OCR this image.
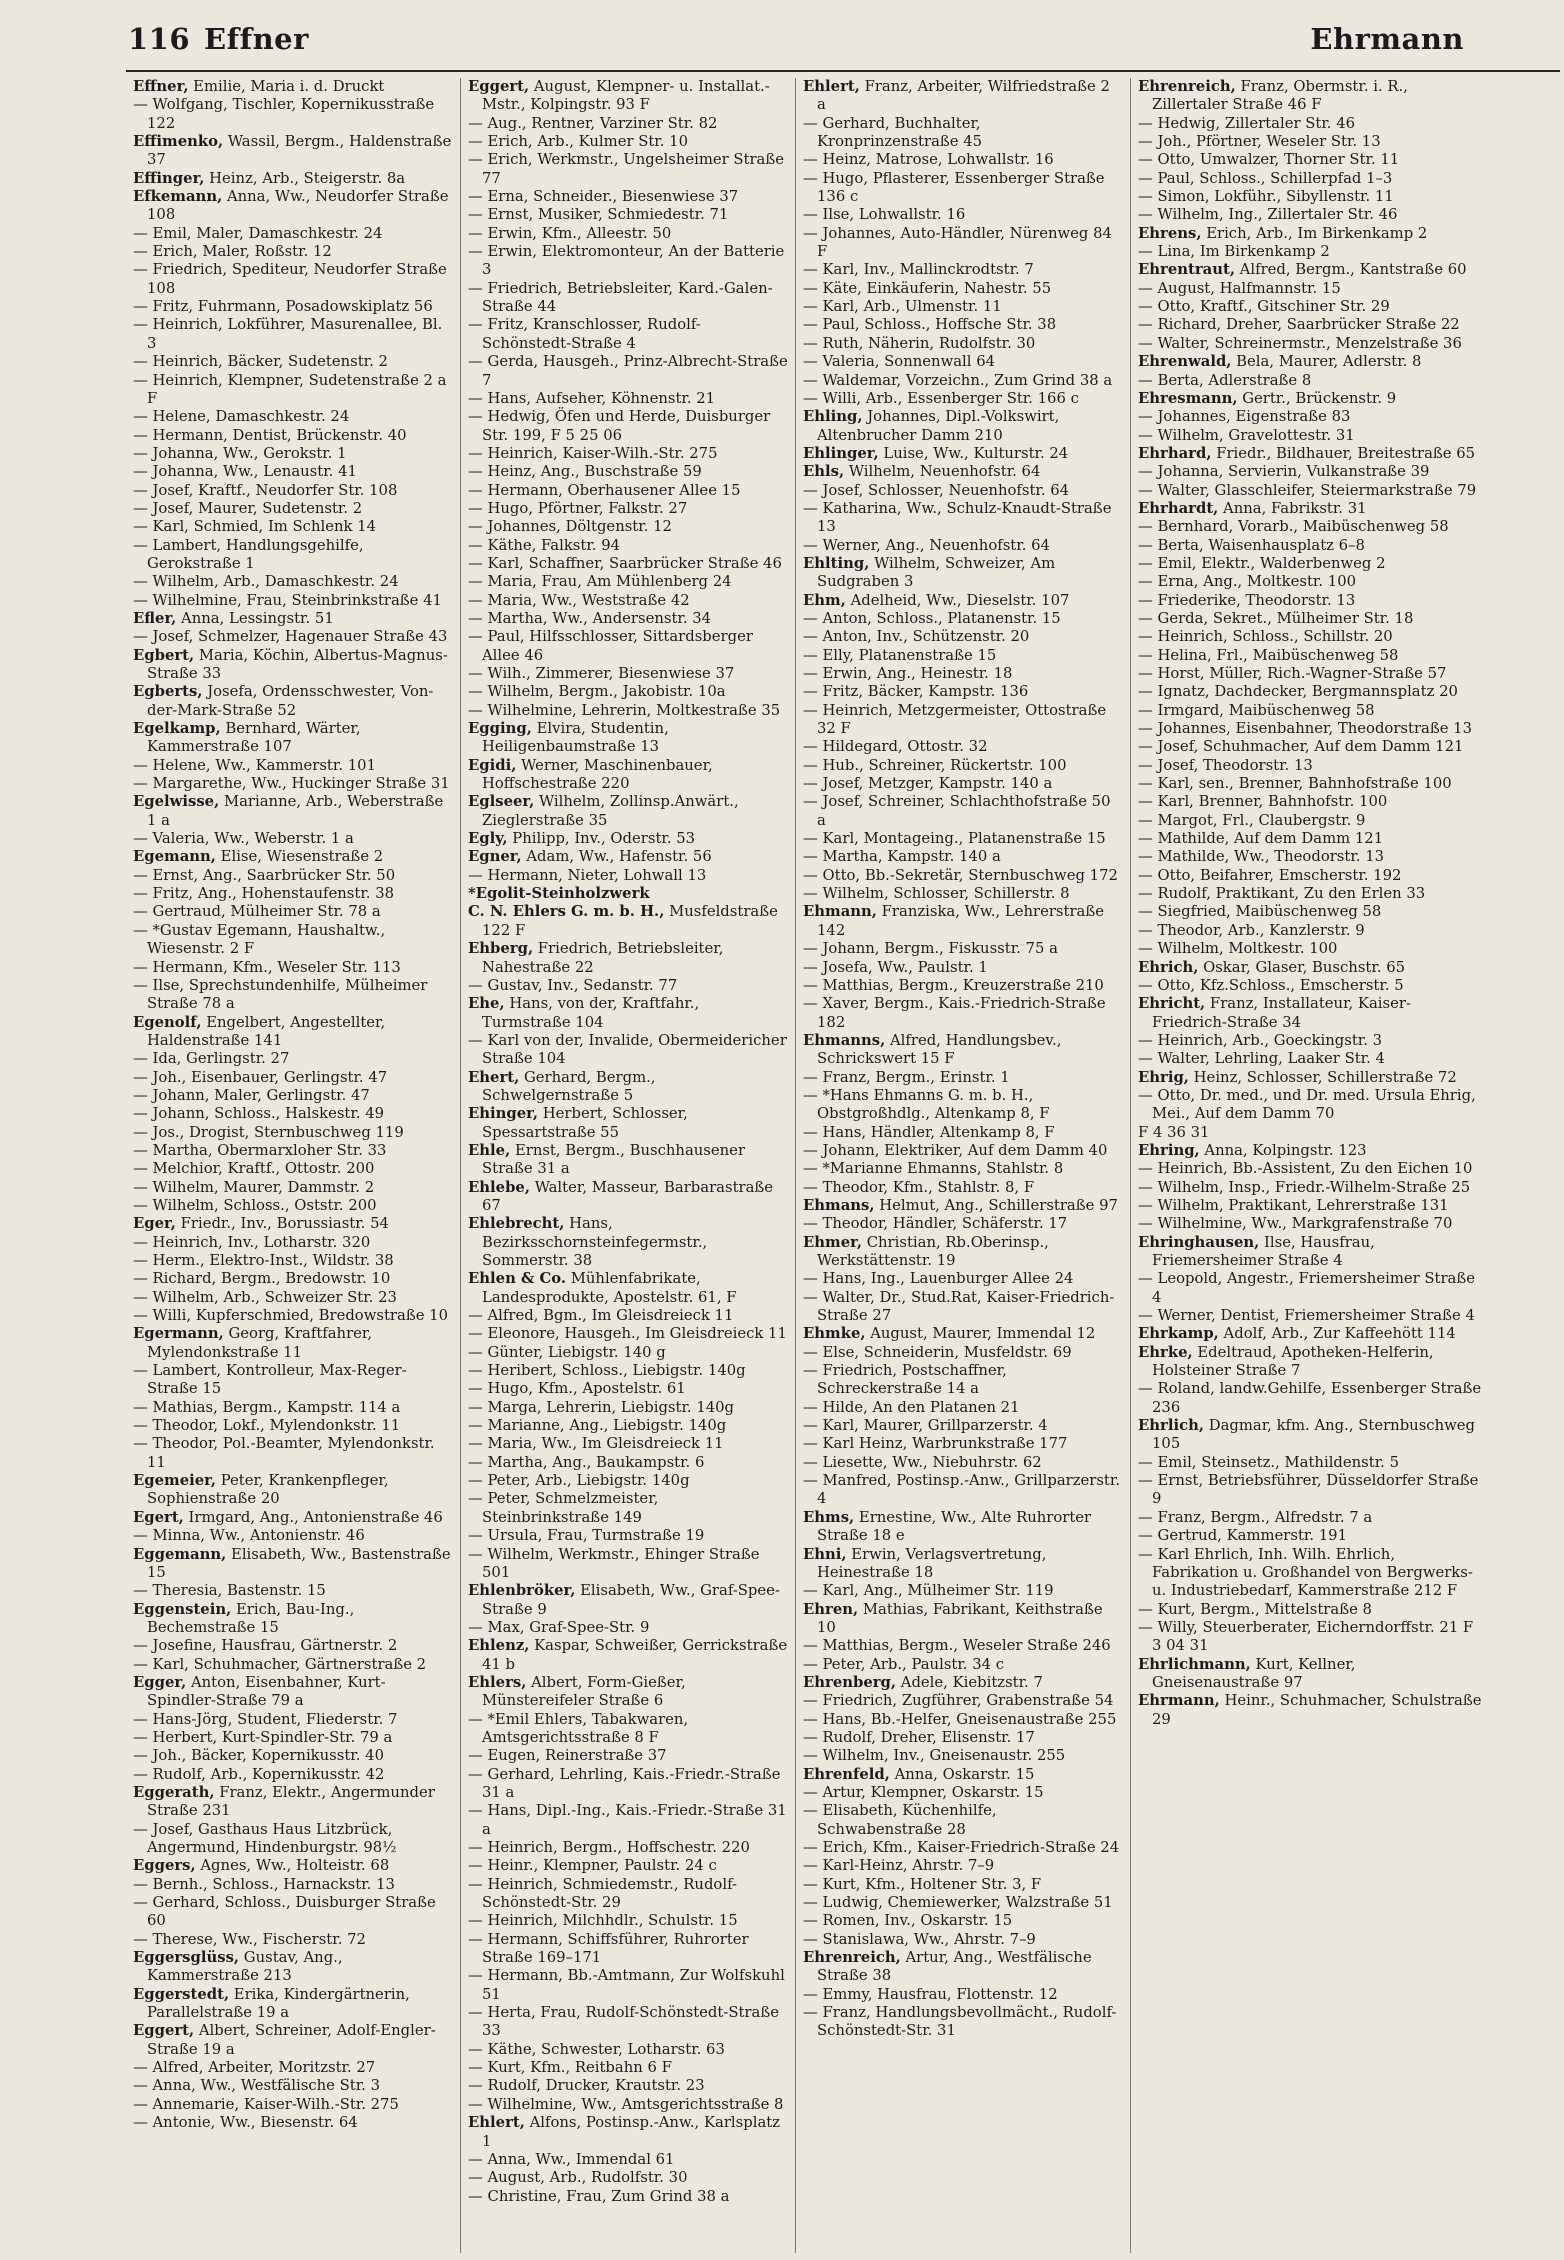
116 Effner	Ehrmann
Effner, Emilie, Maria i. d. Druckt
— Wolfgang, Tischler, Kopernikusstraße 122
Effimenko, Wassil, Bergm., Haldenstraße 37
Effinger, Heinz, Arb., Steigerstr. 8a
Efkemann, Anna, Ww., Neudorfer Straße 108
— Emil, Maler, Damaschkestr. 24
— Erich, Maler, Roßstr. 12
— Friedrich, Spediteur, Neudorfer Straße 108
— Fritz, Fuhrmann, Posadowskiplatz 56
— Heinrich, Lokführer, Masurenallee, Bl. 3
— Heinrich, Bäcker, Sudetenstr. 2
— Heinrich, Klempner, Sudetenstraße 2 a F
— Helene, Damaschkestr. 24
— Hermann, Dentist, Brückenstr. 40
— Johanna, Ww., Gerokstr. 1
— Johanna, Ww., Lenaustr. 41
— Josef, Kraftf., Neudorfer Str. 108
— Josef, Maurer, Sudetenstr. 2
— Karl, Schmied, Im Schlenk 14
— Lambert, Handlungsgehilfe, Gerokstraße 1
— Wilhelm, Arb., Damaschkestr. 24
— Wilhelmine, Frau, Steinbrinkstraße 41
Efler, Anna, Lessingstr. 51
— Josef, Schmelzer, Hagenauer Straße 43
Egbert, Maria, Köchin, Albertus-Magnus-Straße 33
Egberts, Josefa, Ordensschwester, Von-der-Mark-Straße 52
Egelkamp, Bernhard, Wärter, Kammerstraße 107
— Helene, Ww., Kammerstr. 101
— Margarethe, Ww., Huckinger Straße 31
Egelwisse, Marianne, Arb., Weberstraße 1 a
— Valeria, Ww., Weberstr. 1 a
Egemann, Elise, Wiesenstraße 2
— Ernst, Ang., Saarbrücker Str. 50
— Fritz, Ang., Hohenstaufenstr. 38
— Gertraud, Mülheimer Str. 78 a
— *Gustav Egemann, Haushaltw., Wiesenstr. 2 F
— Hermann, Kfm., Weseler Str. 113
— Ilse, Sprechstundenhilfe, Mülheimer Straße 78 a
Egenolf, Engelbert, Angestellter, Haldenstraße 141
— Ida, Gerlingstr. 27
— Joh., Eisenbauer, Gerlingstr. 47
— Johann, Maler, Gerlingstr. 47
— Johann, Schloss., Halskestr. 49
— Jos., Drogist, Sternbuschweg 119
— Martha, Obermarxloher Str. 33
— Melchior, Kraftf., Ottostr. 200
— Wilhelm, Maurer, Dammstr. 2
— Wilhelm, Schloss., Oststr. 200
Eger, Friedr., Inv., Borussiastr. 54
— Heinrich, Inv., Lotharstr. 320
— Herm., Elektro-Inst., Wildstr. 38
— Richard, Bergm., Bredowstr. 10
— Wilhelm, Arb., Schweizer Str. 23
— Willi, Kupferschmied, Bredowstraße 10
Egermann, Georg, Kraftfahrer, Mylendonkstraße 11
— Lambert, Kontrolleur, Max-Reger-Straße 15
— Mathias, Bergm., Kampstr. 114 a
— Theodor, Lokf., Mylendonkstr. 11
— Theodor, Pol.-Beamter, Mylendonkstr. 11
Egemeier, Peter, Krankenpfleger, Sophienstraße 20
Egert, Irmgard, Ang., Antonienstraße 46
— Minna, Ww., Antonienstr. 46
Eggemann, Elisabeth, Ww., Bastenstraße 15
— Theresia, Bastenstr. 15
Eggenstein, Erich, Bau-Ing., Bechemstraße 15
— Josefine, Hausfrau, Gärtnerstr. 2
— Karl, Schuhmacher, Gärtnerstraße 2
Egger, Anton, Eisenbahner, Kurt-Spindler-Straße 79 a
— Hans-Jörg, Student, Fliederstr. 7
— Herbert, Kurt-Spindler-Str. 79 a
— Joh., Bäcker, Kopernikusstr. 40
— Rudolf, Arb., Kopernikusstr. 42
Eggerath, Franz, Elektr., Angermunder Straße 231
— Josef, Gasthaus Haus Litzbrück, Angermund, Hindenburgstr. 98½
Eggers, Agnes, Ww., Holteistr. 68
— Bernh., Schloss., Harnackstr. 13
— Gerhard, Schloss., Duisburger Straße 60
— Therese, Ww., Fischerstr. 72
Eggersglüss, Gustav, Ang., Kammerstraße 213
Eggerstedt, Erika, Kindergärtnerin, Parallelstraße 19 a
Eggert, Albert, Schreiner, Adolf-Engler-Straße 19 a
— Alfred, Arbeiter, Moritzstr. 27
— Anna, Ww., Westfälische Str. 3
— Annemarie, Kaiser-Wilh.-Str. 275
— Antonie, Ww., Biesenstr. 64
Eggert, August, Klempner- u. Installat.-Mstr., Kolpingstr. 93 F
— Aug., Rentner, Varziner Str. 82
— Erich, Arb., Kulmer Str. 10
— Erich, Werkmstr., Ungelsheimer Straße 77
— Erna, Schneider., Biesenwiese 37
— Ernst, Musiker, Schmiedestr. 71
— Erwin, Kfm., Alleestr. 50
— Erwin, Elektromonteur, An der Batterie 3
— Friedrich, Betriebsleiter, Kard.-Galen-Straße 44
— Fritz, Kranschlosser, Rudolf-Schönstedt-Straße 4
— Gerda, Hausgeh., Prinz-Albrecht-Straße 7
— Hans, Aufseher, Köhnenstr. 21
— Hedwig, Öfen und Herde, Duisburger Str. 199, F 5 25 06
— Heinrich, Kaiser-Wilh.-Str. 275
— Heinz, Ang., Buschstraße 59
— Hermann, Oberhausener Allee 15
— Hugo, Pförtner, Falkstr. 27
— Johannes, Döltgenstr. 12
— Käthe, Falkstr. 94
— Karl, Schaffner, Saarbrücker Straße 46
— Maria, Frau, Am Mühlenberg 24
— Maria, Ww., Weststraße 42
— Martha, Ww., Andersenstr. 34
— Paul, Hilfsschlosser, Sittardsberger Allee 46
— Wilh., Zimmerer, Biesenwiese 37
— Wilhelm, Bergm., Jakobistr. 10a
— Wilhelmine, Lehrerin, Moltkestraße 35
Egging, Elvira, Studentin, Heiligenbaumstraße 13
Egidi, Werner, Maschinenbauer, Hoffschestraße 220
Eglseer, Wilhelm, Zollinsp.Anwärt., Zieglerstraße 35
Egly, Philipp, Inv., Oderstr. 53
Egner, Adam, Ww., Hafenstr. 56
— Hermann, Nieter, Lohwall 13
*Egolit-Steinholzwerk
C. N. Ehlers G. m. b. H., Musfeldstraße 122 F
Ehberg, Friedrich, Betriebsleiter, Nahestraße 22
— Gustav, Inv., Sedanstr. 77
Ehe, Hans, von der, Kraftfahr., Turmstraße 104
— Karl von der, Invalide, Obermeidericher Straße 104
Ehert, Gerhard, Bergm., Schwelgernstraße 5
Ehinger, Herbert, Schlosser, Spessartstraße 55
Ehle, Ernst, Bergm., Buschhausener Straße 31 a
Ehlebe, Walter, Masseur, Barbarastraße 67
Ehlebrecht, Hans, Bezirksschornsteinfegermstr., Sommerstr. 38
Ehlen & Co. Mühlenfabrikate, Landesprodukte, Apostelstr. 61, F
— Alfred, Bgm., Im Gleisdreieck 11
— Eleonore, Hausgeh., Im Gleisdreieck 11
— Günter, Liebigstr. 140 g
— Heribert, Schloss., Liebigstr. 140g
— Hugo, Kfm., Apostelstr. 61
— Marga, Lehrerin, Liebigstr. 140g
— Marianne, Ang., Liebigstr. 140g
— Maria, Ww., Im Gleisdreieck 11
— Martha, Ang., Baukampstr. 6
— Peter, Arb., Liebigstr. 140g
— Peter, Schmelzmeister, Steinbrinkstraße 149
— Ursula, Frau, Turmstraße 19
— Wilhelm, Werkmstr., Ehinger Straße 501
Ehlenbröker, Elisabeth, Ww., Graf-Spee-Straße 9
— Max, Graf-Spee-Str. 9
Ehlenz, Kaspar, Schweißer, Gerrickstraße 41 b
Ehlers, Albert, Form-Gießer, Münstereifeler Straße 6
— *Emil Ehlers, Tabakwaren, Amtsgerichtsstraße 8 F
— Eugen, Reinerstraße 37
— Gerhard, Lehrling, Kais.-Friedr.-Straße 31 a
— Hans, Dipl.-Ing., Kais.-Friedr.-Straße 31 a
— Heinrich, Bergm., Hoffschestr. 220
— Heinr., Klempner, Paulstr. 24 c
— Heinrich, Schmiedemstr., Rudolf-Schönstedt-Str. 29
— Heinrich, Milchhdlr., Schulstr. 15
— Hermann, Schiffsführer, Ruhrorter Straße 169–171
— Hermann, Bb.-Amtmann, Zur Wolfskuhl 51
— Herta, Frau, Rudolf-Schönstedt-Straße 33
— Käthe, Schwester, Lotharstr. 63
— Kurt, Kfm., Reitbahn 6 F
— Rudolf, Drucker, Krautstr. 23
— Wilhelmine, Ww., Amtsgerichtsstraße 8
Ehlert, Alfons, Postinsp.-Anw., Karlsplatz 1
— Anna, Ww., Immendal 61
— August, Arb., Rudolfstr. 30
— Christine, Frau, Zum Grind 38 a
Ehlert, Franz, Arbeiter, Wilfriedstraße 2 a
— Gerhard, Buchhalter, Kronprinzenstraße 45
— Heinz, Matrose, Lohwallstr. 16
— Hugo, Pflasterer, Essenberger Straße 136 c
— Ilse, Lohwallstr. 16
— Johannes, Auto-Händler, Nürenweg 84 F
— Karl, Inv., Mallinckrodtstr. 7
— Käte, Einkäuferin, Nahestr. 55
— Karl, Arb., Ulmenstr. 11
— Paul, Schloss., Hoffsche Str. 38
— Ruth, Näherin, Rudolfstr. 30
— Valeria, Sonnenwall 64
— Waldemar, Vorzeichn., Zum Grind 38 a
— Willi, Arb., Essenberger Str. 166 c
Ehling, Johannes, Dipl.-Volkswirt, Altenbrucher Damm 210
Ehlinger, Luise, Ww., Kulturstr. 24
Ehls, Wilhelm, Neuenhofstr. 64
— Josef, Schlosser, Neuenhofstr. 64
— Katharina, Ww., Schulz-Knaudt-Straße 13
— Werner, Ang., Neuenhofstr. 64
Ehlting, Wilhelm, Schweizer, Am Sudgraben 3
Ehm, Adelheid, Ww., Dieselstr. 107
— Anton, Schloss., Platanenstr. 15
— Anton, Inv., Schützenstr. 20
— Elly, Platanenstraße 15
— Erwin, Ang., Heinestr. 18
— Fritz, Bäcker, Kampstr. 136
— Heinrich, Metzgermeister, Ottostraße 32 F
— Hildegard, Ottostr. 32
— Hub., Schreiner, Rückertstr. 100
— Josef, Metzger, Kampstr. 140 a
— Josef, Schreiner, Schlachthofstraße 50 a
— Karl, Montageing., Platanenstraße 15
— Martha, Kampstr. 140 a
— Otto, Bb.-Sekretär, Sternbuschweg 172
— Wilhelm, Schlosser, Schillerstr. 8
Ehmann, Franziska, Ww., Lehrerstraße 142
— Johann, Bergm., Fiskusstr. 75 a
— Josefa, Ww., Paulstr. 1
— Matthias, Bergm., Kreuzerstraße 210
— Xaver, Bergm., Kais.-Friedrich-Straße 182
Ehmanns, Alfred, Handlungsbev., Schrickswert 15 F
— Franz, Bergm., Erinstr. 1
— *Hans Ehmanns G. m. b. H., Obstgroßhdlg., Altenkamp 8, F
— Hans, Händler, Altenkamp 8, F
— Johann, Elektriker, Auf dem Damm 40
— *Marianne Ehmanns, Stahlstr. 8
— Theodor, Kfm., Stahlstr. 8, F
Ehmans, Helmut, Ang., Schillerstraße 97
— Theodor, Händler, Schäferstr. 17
Ehmer, Christian, Rb.Oberinsp., Werkstättenstr. 19
— Hans, Ing., Lauenburger Allee 24
— Walter, Dr., Stud.Rat, Kaiser-Friedrich-Straße 27
Ehmke, August, Maurer, Immendal 12
— Else, Schneiderin, Musfeldstr. 69
— Friedrich, Postschaffner, Schreckerstraße 14 a
— Hilde, An den Platanen 21
— Karl, Maurer, Grillparzerstr. 4
— Karl Heinz, Warbrunkstraße 177
— Liesette, Ww., Niebuhrstr. 62
— Manfred, Postinsp.-Anw., Grillparzerstr. 4
Ehms, Ernestine, Ww., Alte Ruhrorter Straße 18 e
Ehni, Erwin, Verlagsvertretung, Heinestraße 18
— Karl, Ang., Mülheimer Str. 119
Ehren, Mathias, Fabrikant, Keithstraße 10
— Matthias, Bergm., Weseler Straße 246
— Peter, Arb., Paulstr. 34 c
Ehrenberg, Adele, Kiebitzstr. 7
— Friedrich, Zugführer, Grabenstraße 54
— Hans, Bb.-Helfer, Gneisenaustraße 255
— Rudolf, Dreher, Elisenstr. 17
— Wilhelm, Inv., Gneisenaustr. 255
Ehrenfeld, Anna, Oskarstr. 15
— Artur, Klempner, Oskarstr. 15
— Elisabeth, Küchenhilfe, Schwabenstraße 28
— Erich, Kfm., Kaiser-Friedrich-Straße 24
— Karl-Heinz, Ahrstr. 7–9
— Kurt, Kfm., Holtener Str. 3, F
— Ludwig, Chemiewerker, Walzstraße 51
— Romen, Inv., Oskarstr. 15
— Stanislawa, Ww., Ahrstr. 7–9
Ehrenreich, Artur, Ang., Westfälische Straße 38
— Emmy, Hausfrau, Flottenstr. 12
— Franz, Handlungsbevollmächt., Rudolf-Schönstedt-Str. 31
Ehrenreich, Franz, Obermstr. i. R., Zillertaler Straße 46 F
— Hedwig, Zillertaler Str. 46
— Joh., Pförtner, Weseler Str. 13
— Otto, Umwalzer, Thorner Str. 11
— Paul, Schloss., Schillerpfad 1–3
— Simon, Lokführ., Sibyllenstr. 11
— Wilhelm, Ing., Zillertaler Str. 46
Ehrens, Erich, Arb., Im Birkenkamp 2
— Lina, Im Birkenkamp 2
Ehrentraut, Alfred, Bergm., Kantstraße 60
— August, Halfmannstr. 15
— Otto, Kraftf., Gitschiner Str. 29
— Richard, Dreher, Saarbrücker Straße 22
— Walter, Schreinermstr., Menzelstraße 36
Ehrenwald, Bela, Maurer, Adlerstr. 8
— Berta, Adlerstraße 8
Ehresmann, Gertr., Brückenstr. 9
— Johannes, Eigenstraße 83
— Wilhelm, Gravelottestr. 31
Ehrhard, Friedr., Bildhauer, Breitestraße 65
— Johanna, Servierin, Vulkanstraße 39
— Walter, Glasschleifer, Steiermarkstraße 79
Ehrhardt, Anna, Fabrikstr. 31
— Bernhard, Vorarb., Maibüschenweg 58
— Berta, Waisenhausplatz 6–8
— Emil, Elektr., Walderbenweg 2
— Erna, Ang., Moltkestr. 100
— Friederike, Theodorstr. 13
— Gerda, Sekret., Mülheimer Str. 18
— Heinrich, Schloss., Schillstr. 20
— Helina, Frl., Maibüschenweg 58
— Horst, Müller, Rich.-Wagner-Straße 57
— Ignatz, Dachdecker, Bergmannsplatz 20
— Irmgard, Maibüschenweg 58
— Johannes, Eisenbahner, Theodorstraße 13
— Josef, Schuhmacher, Auf dem Damm 121
— Josef, Theodorstr. 13
— Karl, sen., Brenner, Bahnhofstraße 100
— Karl, Brenner, Bahnhofstr. 100
— Margot, Frl., Claubergstr. 9
— Mathilde, Auf dem Damm 121
— Mathilde, Ww., Theodorstr. 13
— Otto, Beifahrer, Emscherstr. 192
— Rudolf, Praktikant, Zu den Erlen 33
— Siegfried, Maibüschenweg 58
— Theodor, Arb., Kanzlerstr. 9
— Wilhelm, Moltkestr. 100
Ehrich, Oskar, Glaser, Buschstr. 65
— Otto, Kfz.Schloss., Emscherstr. 5
Ehricht, Franz, Installateur, Kaiser-Friedrich-Straße 34
— Heinrich, Arb., Goeckingstr. 3
— Walter, Lehrling, Laaker Str. 4
Ehrig, Heinz, Schlosser, Schillerstraße 72
— Otto, Dr. med., und Dr. med. Ursula Ehrig, Mei., Auf dem Damm 70
F 4 36 31
Ehring, Anna, Kolpingstr. 123
— Heinrich, Bb.-Assistent, Zu den Eichen 10
— Wilhelm, Insp., Friedr.-Wilhelm-Straße 25
— Wilhelm, Praktikant, Lehrerstraße 131
— Wilhelmine, Ww., Markgrafenstraße 70
Ehringhausen, Ilse, Hausfrau, Friemersheimer Straße 4
— Leopold, Angestr., Friemersheimer Straße 4
— Werner, Dentist, Friemersheimer Straße 4
Ehrkamp, Adolf, Arb., Zur Kaffeehött 114
Ehrke, Edeltraud, Apotheken-Helferin, Holsteiner Straße 7
— Roland, landw.Gehilfe, Essenberger Straße 236
Ehrlich, Dagmar, kfm. Ang., Sternbuschweg 105
— Emil, Steinsetz., Mathildenstr. 5
— Ernst, Betriebsführer, Düsseldorfer Straße 9
— Franz, Bergm., Alfredstr. 7 a
— Gertrud, Kammerstr. 191
— Karl Ehrlich, Inh. Wilh. Ehrlich, Fabrikation u. Großhandel von Bergwerks- u. Industriebedarf, Kammerstraße 212 F
— Kurt, Bergm., Mittelstraße 8
— Willy, Steuerberater, Eicherndorffstr. 21 F 3 04 31
Ehrlichmann, Kurt, Kellner, Gneisenaustraße 97
Ehrmann, Heinr., Schuhmacher, Schulstraße 29
